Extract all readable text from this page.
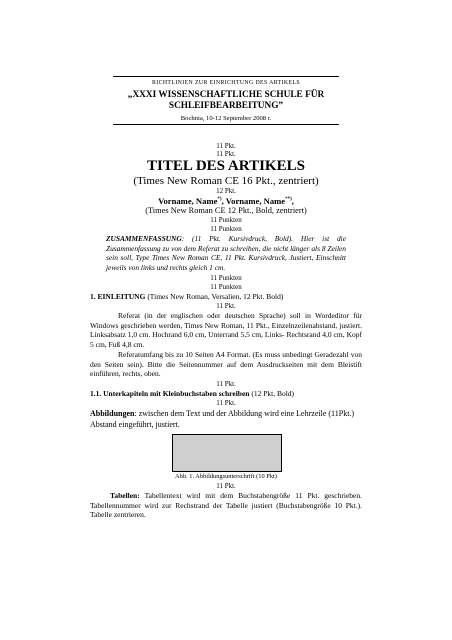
RICHTLINIEN ZUR EINRICHTUNG DES ARTIKELS
„XXXI WISSENSCHAFTLICHE SCHULE FÜR SCHLEIFBEARBEITUNG”
Bochnia, 10-12 September 2008 r.
11 Pkt.
11 Pkt.
TITEL DES ARTIKELS
(Times New Roman CE 16 Pkt., zentriert)
12 Pkt.
Vorname, Name*), Vorname, Name**),
(Times New Roman CE 12 Pkt., Bold, zentriert)
11 Punkten
11 Punkten
ZUSAMMENFASSUNG: (11 Pkt. Kursivdruck, Bold). Hier ist die Zusammenfassung zu von dem Referat zu schreiben, die nicht länger als 8 Zeilen sein soll, Type Times New Roman CE, 11 Pkt. Kursivdruck, Justiert, Einschnitt jeweils von links und rechts gleich 1 cm.
11 Punkten
11 Punkten
1. EINLEITUNG (Times New Roman, Versalien, 12 Pkt. Bold)
11 Pkt.
Referat (in der englischen oder deutschen Sprache) soll in Wordeditor für Windows geschrieben werden, Times New Roman, 11 Pkt., Einzelnzeilenabstand, justiert. Linksabsatz 1,0 cm. Hochrand 6,0 cm, Unterrand 5,5 cm, Links- Rechtsrand 4,0 cm, Kopf 5 cm, Fuß 4,8 cm.
Referatumfang bis zu 10 Seiten A4 Format. (Es muss unbedingt Geradezahl von den Seiten sein). Bitte die Seitennummer auf dem Ausdruckseiten mit dem Bleistift einführen, rechts, oben.
11 Pkt.
1.1. Unterkapiteln mit Kleinbuchstaben schreiben (12 Pkt, Bold)
11 Pkt.
Abbildungen: zwischen dem Text und der Abbildung wird eine Lehrzeile (11Pkt.) Abstand eingeführt, justiert.
Abb. 1. Abbildungsunterschrift (10 Pkt)
11 Pkt.
Tabellen: Tabellentext wird mit dem Buchstabengröße 11 Pkt. geschrieben. Tabellennummer wird zur Rechstrand der Tabelle justiert (Buchstabengröße 10 Pkt.). Tabelle zentrieren.
